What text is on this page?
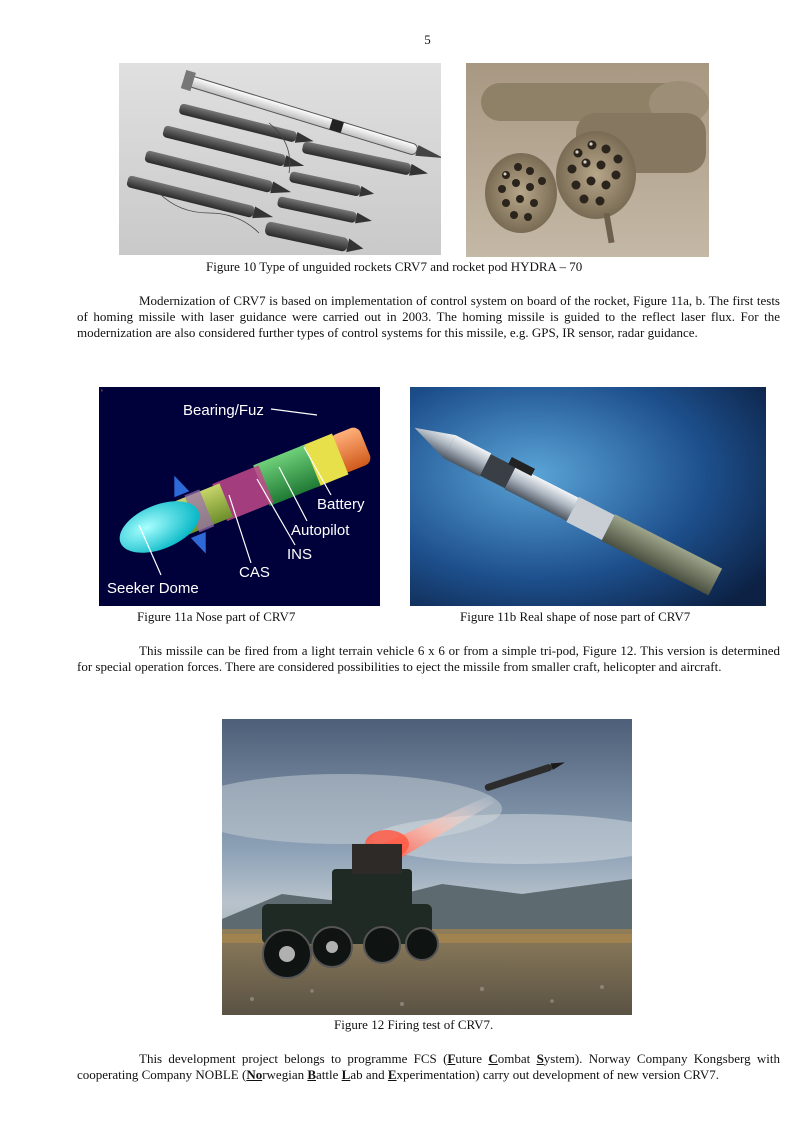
5
Figure 10 Type of unguided rockets CRV7 and rocket pod HYDRA – 70

Modernization of CRV7 is based on implementation of control system on board of the rocket, Figure 11a, b. The first tests of homing missile with laser guidance were carried out in 2003. The homing missile is guided to the reflect laser flux. For the modernization are also considered further types of control systems for this missile, e.g. GPS, IR sensor, radar guidance.

Bearing/Fuz
Battery
Autopilot
INS
CAS
Seeker Dome
'
Figure 11a Nose part of CRV7	Figure 11b Real shape of nose part of CRV7

This missile can be fired from a light terrain vehicle 6 x 6 or from a simple tri-pod, Figure 12. This version is determined for special operation forces. There are considered possibilities to eject the missile from smaller craft, helicopter and aircraft.

Figure 12 Firing test of CRV7.

This development project belongs to programme FCS (Future Combat System). Norway Company Kongsberg with cooperating Company NOBLE (Norwegian Battle Lab and Experimentation) carry out development of new version CRV7.
